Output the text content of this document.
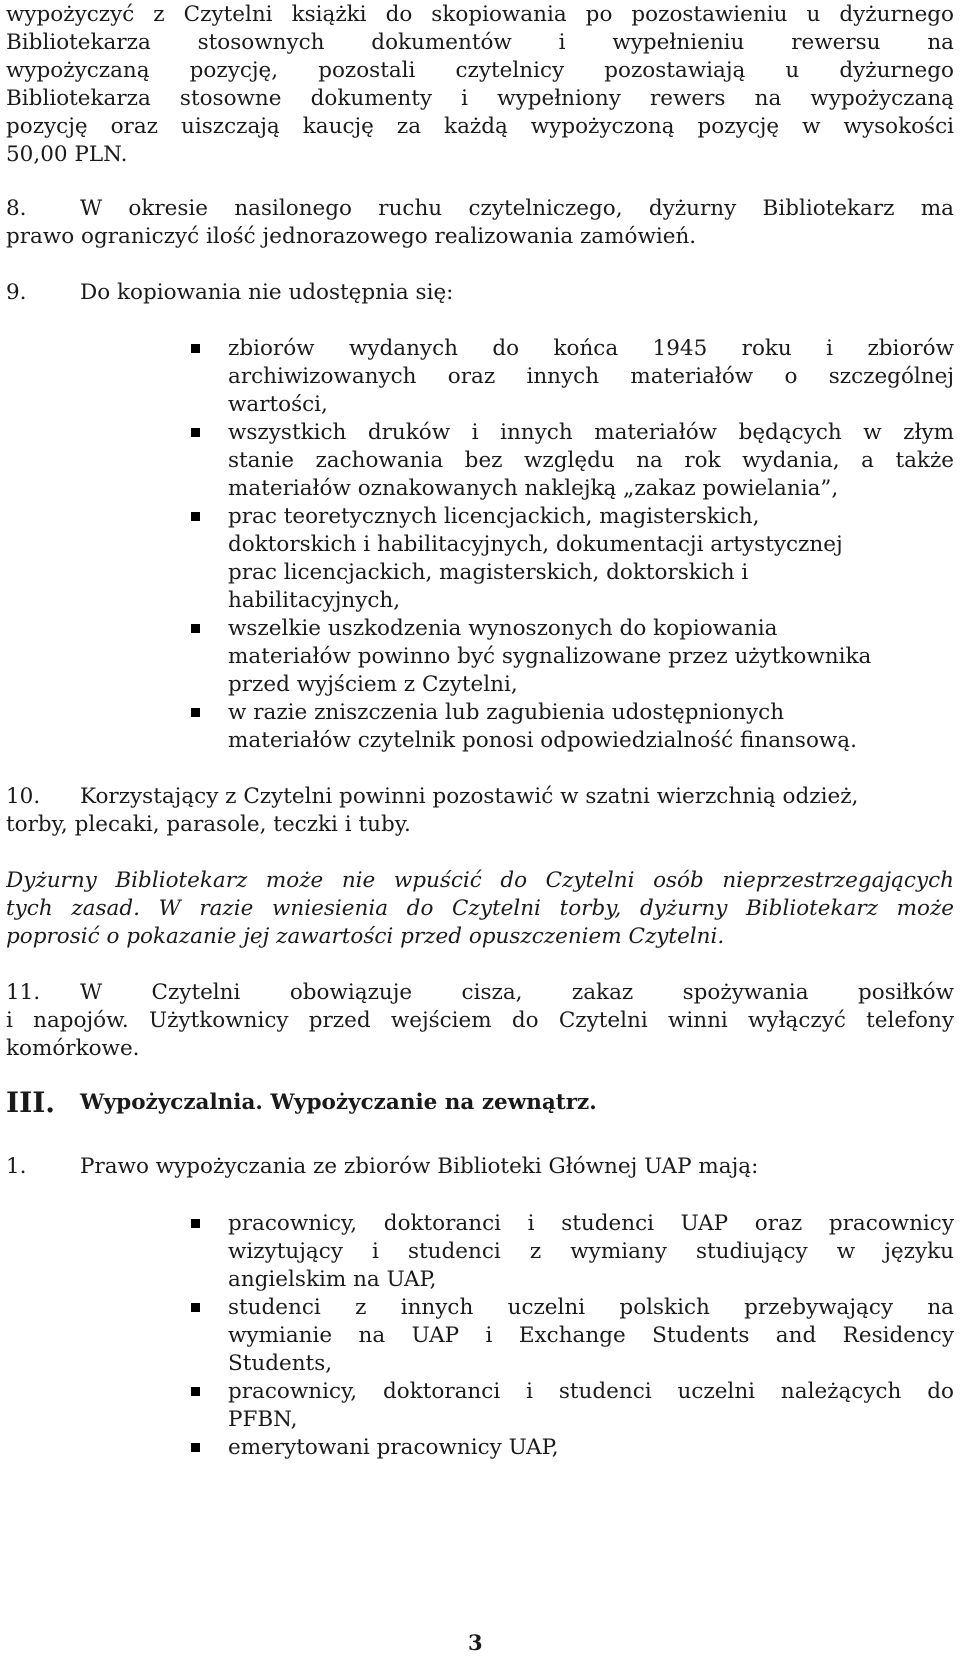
wypożyczyć z Czytelni książki do skopiowania po pozostawieniu u dyżurnego
Bibliotekarza stosownych dokumentów i wypełnieniu rewersu na
wypożyczaną pozycję, pozostali czytelnicy pozostawiają u dyżurnego
Bibliotekarza stosowne dokumenty i wypełniony rewers na wypożyczaną
pozycję oraz uiszczają kaucję za każdą wypożyczoną pozycję w wysokości
50,00 PLN.
8. W okresie nasilonego ruchu czytelniczego, dyżurny Bibliotekarz ma
prawo ograniczyć ilość jednorazowego realizowania zamówień.
9. Do kopiowania nie udostępnia się:
zbiorów wydanych do końca 1945 roku i zbiorów
archiwizowanych oraz innych materiałów o szczególnej
wartości,
wszystkich druków i innych materiałów będących w złym
stanie zachowania bez względu na rok wydania, a także
materiałów oznakowanych naklejką „zakaz powielania”,
prac teoretycznych licencjackich, magisterskich,
doktorskich i habilitacyjnych, dokumentacji artystycznej
prac licencjackich, magisterskich, doktorskich i
habilitacyjnych,
wszelkie uszkodzenia wynoszonych do kopiowania
materiałów powinno być sygnalizowane przez użytkownika
przed wyjściem z Czytelni,
w razie zniszczenia lub zagubienia udostępnionych
materiałów czytelnik ponosi odpowiedzialność finansową.
10. Korzystający z Czytelni powinni pozostawić w szatni wierzchnią odzież,
torby, plecaki, parasole, teczki i tuby.
Dyżurny Bibliotekarz może nie wpuścić do Czytelni osób nieprzestrzegających
tych zasad. W razie wniesienia do Czytelni torby, dyżurny Bibliotekarz może
poprosić o pokazanie jej zawartości przed opuszczeniem Czytelni.
11. W Czytelni obowiązuje cisza, zakaz spożywania posiłków
i napojów. Użytkownicy przed wejściem do Czytelni winni wyłączyć telefony
komórkowe.
III. Wypożyczalnia. Wypożyczanie na zewnątrz.
1. Prawo wypożyczania ze zbiorów Biblioteki Głównej UAP mają:
pracownicy, doktoranci i studenci UAP oraz pracownicy
wizytujący i studenci z wymiany studiujący w języku
angielskim na UAP,
studenci z innych uczelni polskich przebywający na
wymianie na UAP i Exchange Students and Residency
Students,
pracownicy, doktoranci i studenci uczelni należących do
PFBN,
emerytowani pracownicy UAP,
3
